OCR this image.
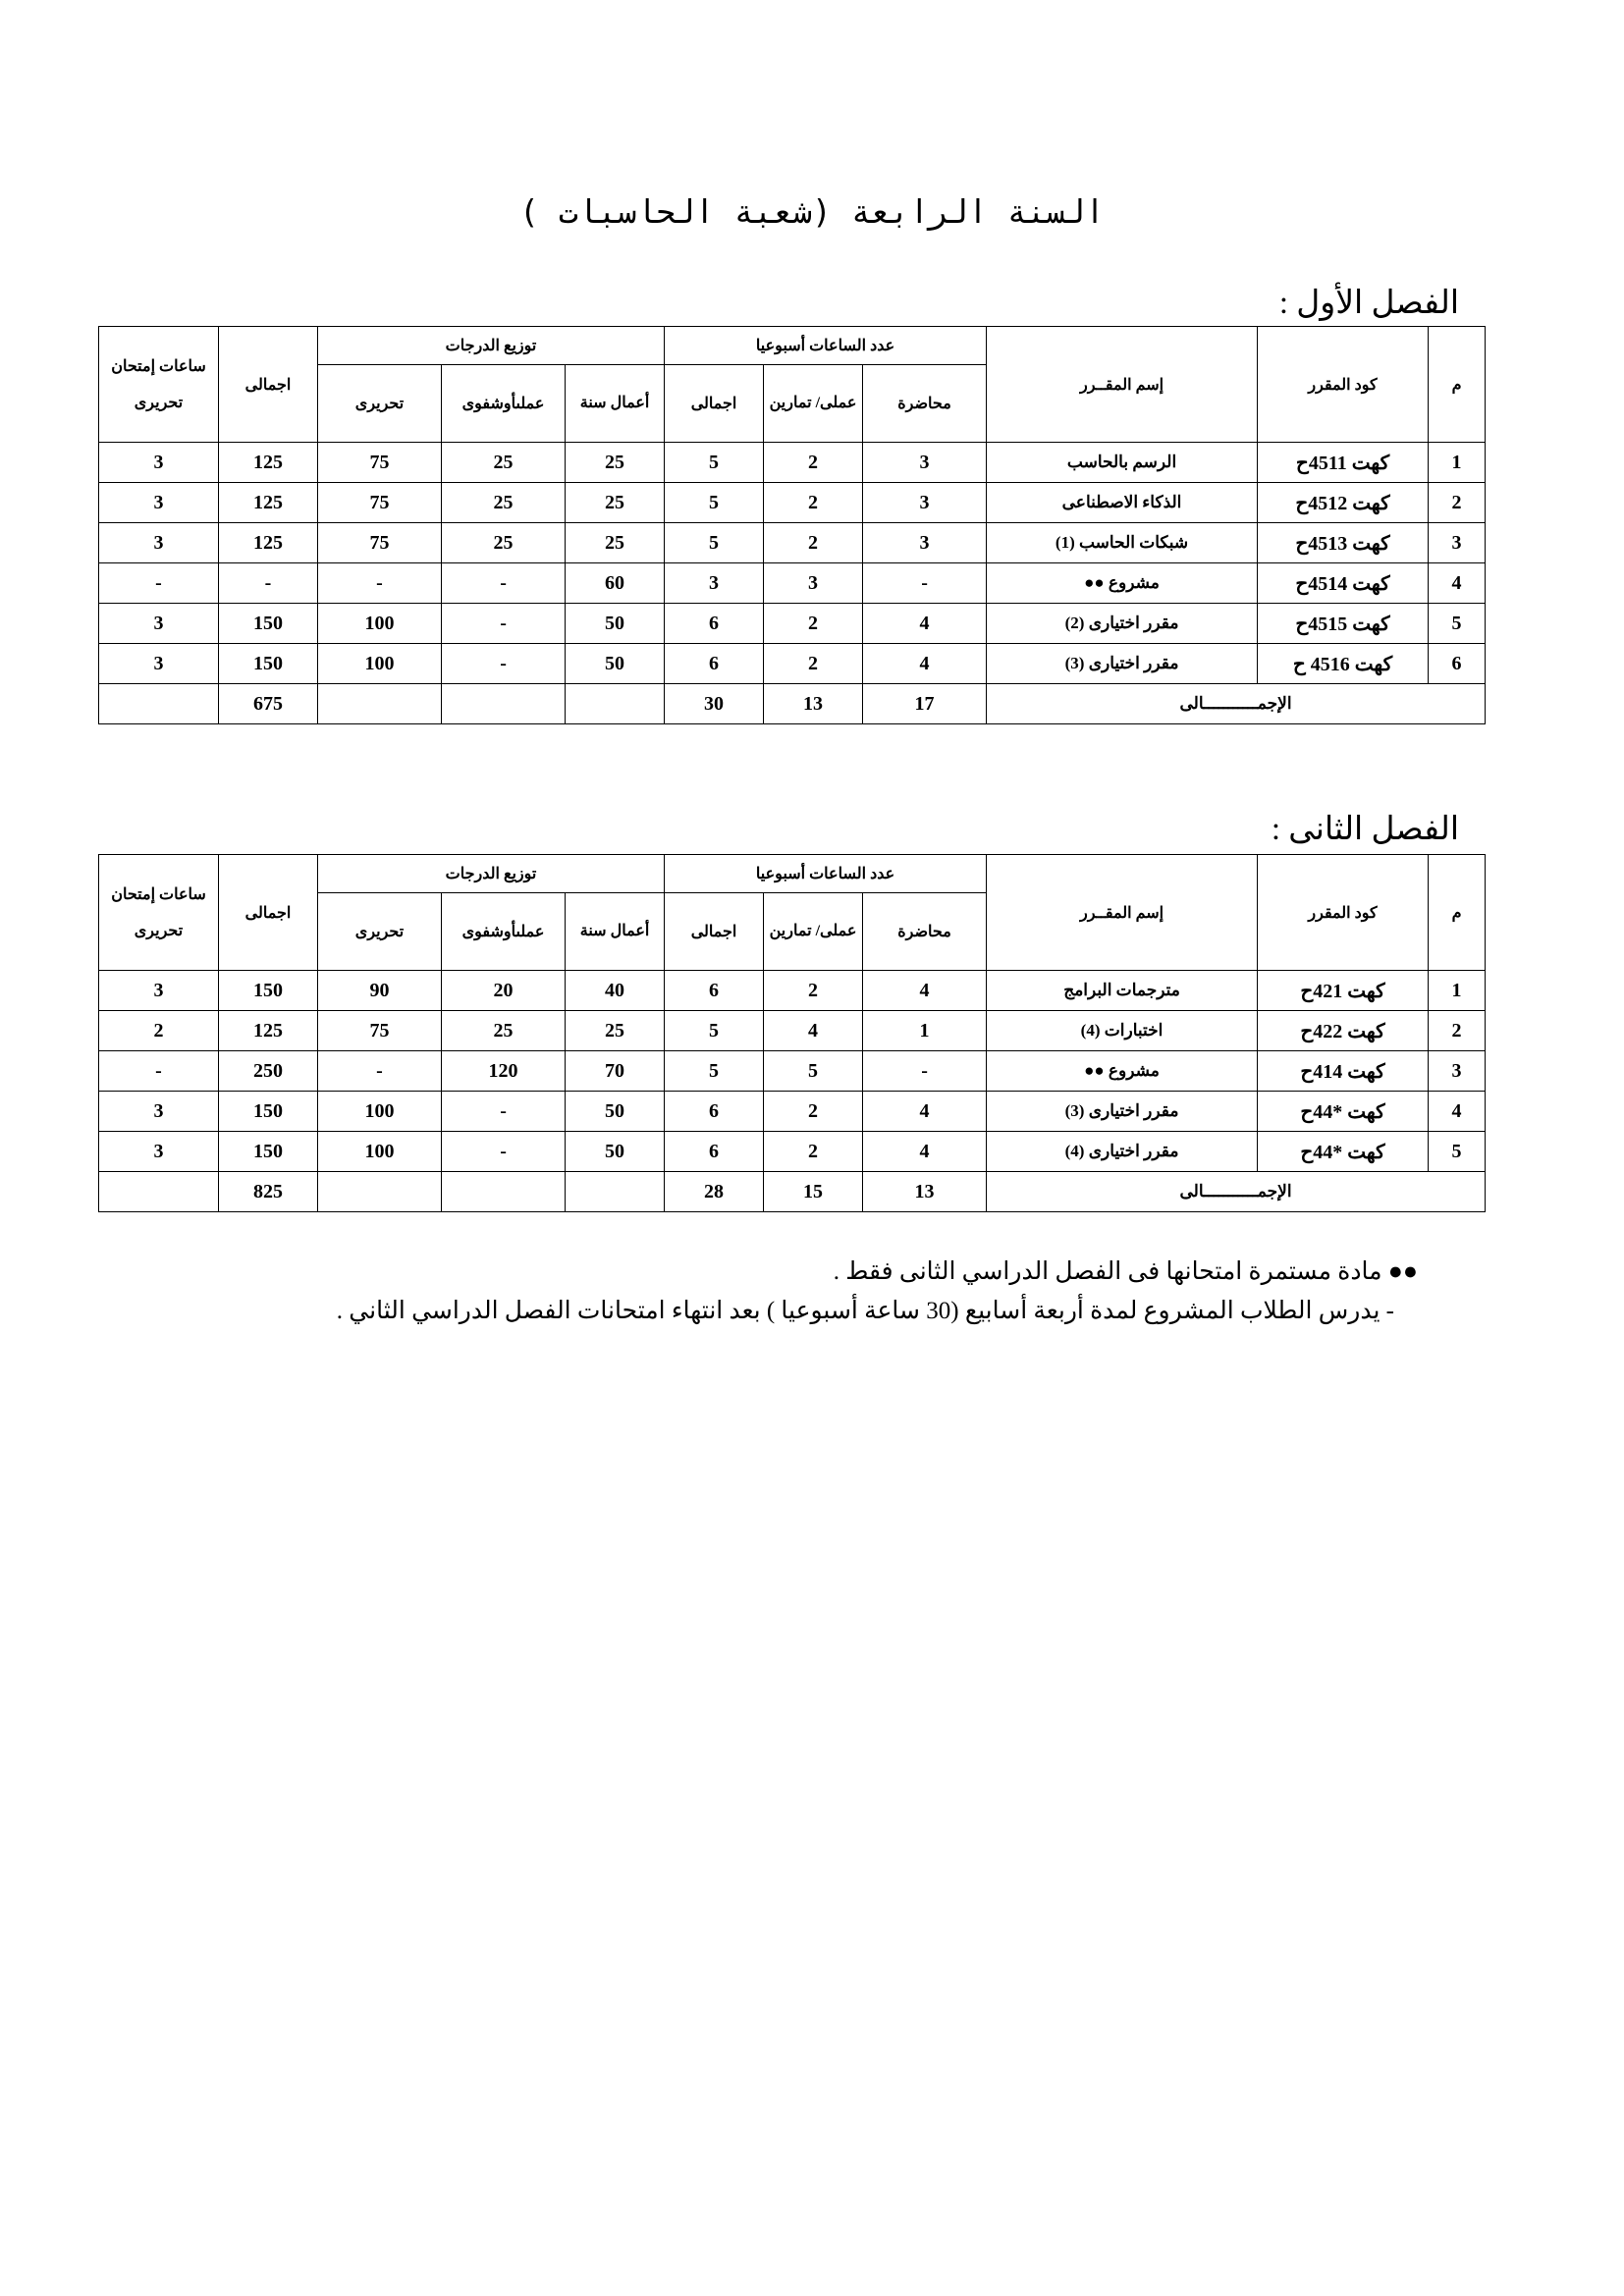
السنة الرابعة (شعبة الحاسبات )
الفصل الأول :
م	كود المقرر	إسم المقــرر	عدد الساعات أسبوعيا			توزيع الدرجات			اجمالى	ساعات إمتحان تحريرى
			محاضرة	عملى/ تمارين	اجمالى	أعمال سنة	عملىأوشفوى	تحريرى		
1	كهت 4511ح	الرسم بالحاسب	3	2	5	25	25	75	125	3
2	كهت 4512ح	الذكاء الاصطناعى	3	2	5	25	25	75	125	3
3	كهت 4513ح	شبكات الحاسب (1)	3	2	5	25	25	75	125	3
4	كهت 4514ح	مشروع ●●	-	3	3	60	-	-	-	-
5	كهت 4515ح	مقرر اختيارى (2)	4	2	6	50	-	100	150	3
6	كهت 4516 ح	مقرر اختيارى (3)	4	2	6	50	-	100	150	3
الإجمـــــــــــالى			17	13	30				675	
الفصل الثانى :
م	كود المقرر	إسم المقــرر	عدد الساعات أسبوعيا			توزيع الدرجات			اجمالى	ساعات إمتحان تحريرى
			محاضرة	عملى/ تمارين	اجمالى	أعمال سنة	عملىأوشفوى	تحريرى		
1	كهت 421ح	مترجمات البرامج	4	2	6	40	20	90	150	3
2	كهت 422ح	اختبارات (4)	1	4	5	25	25	75	125	2
3	كهت 414ح	مشروع ●●	-	5	5	70	120	-	250	-
4	كهت *44ح	مقرر اختيارى (3)	4	2	6	50	-	100	150	3
5	كهت *44ح	مقرر اختيارى (4)	4	2	6	50	-	100	150	3
الإجمـــــــــــالى			13	15	28				825	

●● مادة مستمرة امتحانها فى الفصل الدراسي الثانى فقط .

- يدرس الطلاب المشروع لمدة أربعة أسابيع (30 ساعة أسبوعيا ) بعد انتهاء امتحانات الفصل الدراسي الثاني .
